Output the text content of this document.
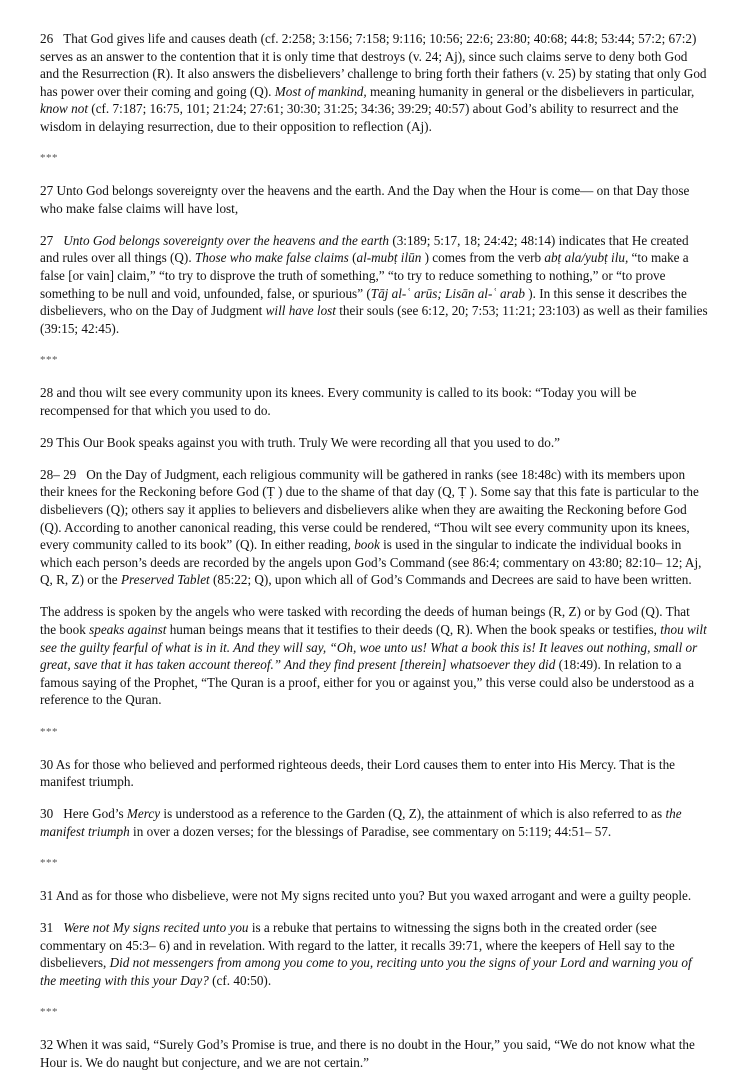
26 That God gives life and causes death (cf. 2:258; 3:156; 7:158; 9:116; 10:56; 22:6; 23:80; 40:68; 44:8; 53:44; 57:2; 67:2) serves as an answer to the contention that it is only time that destroys (v. 24; Aj), since such claims serve to deny both God and the Resurrection (R). It also answers the disbelievers’ challenge to bring forth their fathers (v. 25) by stating that only God has power over their coming and going (Q). Most of mankind, meaning humanity in general or the disbelievers in particular, know not (cf. 7:187; 16:75, 101; 21:24; 27:61; 30:30; 31:25; 34:36; 39:29; 40:57) about God’s ability to resurrect and the wisdom in delaying resurrection, due to their opposition to reflection (Aj).

***

27 Unto God belongs sovereignty over the heavens and the earth. And the Day when the Hour is come— on that Day those who make false claims will have lost,

27 Unto God belongs sovereignty over the heavens and the earth (3:189; 5:17, 18; 24:42; 48:14) indicates that He created and rules over all things (Q). Those who make false claims (al-mubṭ ilūn ) comes from the verb abṭ ala/yubṭ ilu, “to make a false [or vain] claim,” “to try to disprove the truth of something,” “to try to reduce something to nothing,” or “to prove something to be null and void, unfounded, false, or spurious” (Tāj al-ʿ arūs; Lisān al-ʿ arab ). In this sense it describes the disbelievers, who on the Day of Judgment will have lost their souls (see 6:12, 20; 7:53; 11:21; 23:103) as well as their families (39:15; 42:45).

***

28 and thou wilt see every community upon its knees. Every community is called to its book: “Today you will be recompensed for that which you used to do.

29 This Our Book speaks against you with truth. Truly We were recording all that you used to do.”

28– 29 On the Day of Judgment, each religious community will be gathered in ranks (see 18:48c) with its members upon their knees for the Reckoning before God (Ṭ ) due to the shame of that day (Q, Ṭ ). Some say that this fate is particular to the disbelievers (Q); others say it applies to believers and disbelievers alike when they are awaiting the Reckoning before God (Q). According to another canonical reading, this verse could be rendered, “Thou wilt see every community upon its knees, every community called to its book” (Q). In either reading, book is used in the singular to indicate the individual books in which each person’s deeds are recorded by the angels upon God’s Command (see 86:4; commentary on 43:80; 82:10– 12; Aj, Q, R, Z) or the Preserved Tablet (85:22; Q), upon which all of God’s Commands and Decrees are said to have been written.

The address is spoken by the angels who were tasked with recording the deeds of human beings (R, Z) or by God (Q). That the book speaks against human beings means that it testifies to their deeds (Q, R). When the book speaks or testifies, thou wilt see the guilty fearful of what is in it. And they will say, “Oh, woe unto us! What a book this is! It leaves out nothing, small or great, save that it has taken account thereof.” And they find present [therein] whatsoever they did (18:49). In relation to a famous saying of the Prophet, “The Quran is a proof, either for you or against you,” this verse could also be understood as a reference to the Quran.

***

30 As for those who believed and performed righteous deeds, their Lord causes them to enter into His Mercy. That is the manifest triumph.

30 Here God’s Mercy is understood as a reference to the Garden (Q, Z), the attainment of which is also referred to as the manifest triumph in over a dozen verses; for the blessings of Paradise, see commentary on 5:119; 44:51– 57.

***

31 And as for those who disbelieve, were not My signs recited unto you? But you waxed arrogant and were a guilty people.

31 Were not My signs recited unto you is a rebuke that pertains to witnessing the signs both in the created order (see commentary on 45:3– 6) and in revelation. With regard to the latter, it recalls 39:71, where the keepers of Hell say to the disbelievers, Did not messengers from among you come to you, reciting unto you the signs of your Lord and warning you of the meeting with this your Day? (cf. 40:50).

***

32 When it was said, “Surely God’s Promise is true, and there is no doubt in the Hour,” you said, “We do not know what the Hour is. We do naught but conjecture, and we are not certain.”
